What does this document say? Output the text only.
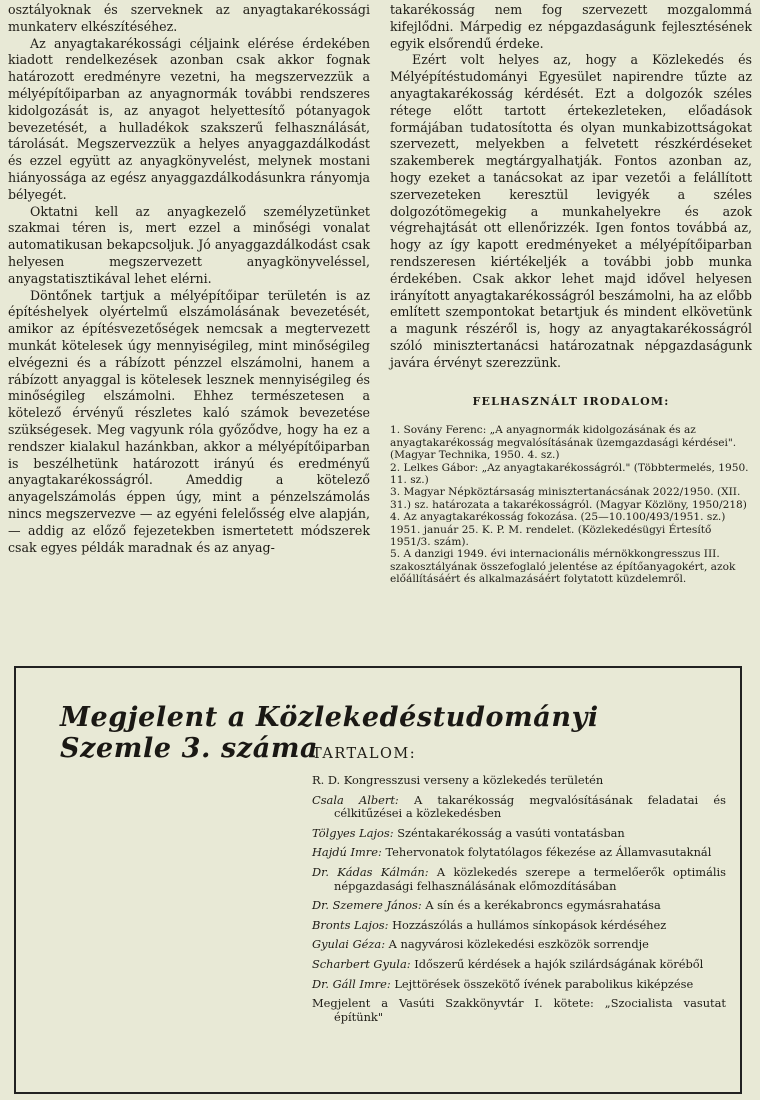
osztályoknak és szerveknek az anyagtakarékossági munkaterv elkészítéséhez.

Az anyagtakarékossági céljaink elérése érdekében kiadott rendelkezések azonban csak akkor fognak határozott eredményre vezetni, ha megszervezzük a mélyépítőiparban az anyagnormák további rendszeres kidolgozását is, az anyagot helyettesítő pótanyagok bevezetését, a hulladékok szakszerű felhasználását, tárolását. Megszervezzük a helyes anyaggazdálkodást és ezzel együtt az anyagkönyvelést, melynek mostani hiányossága az egész anyaggazdálkodásunkra rányomja bélyegét.

Oktatni kell az anyagkezelő személyzetünket szakmai téren is, mert ezzel a minőségi vonalat automatikusan bekapcsoljuk. Jó anyaggazdálkodást csak helyesen megszervezett anyagkönyveléssel, anyagstatisztikával lehet elérni.

Döntőnek tartjuk a mélyépítőipar területén is az építéshelyek olyértelmű elszámolásának bevezetését, amikor az építésvezetőségek nemcsak a megtervezett munkát kötelesek úgy mennyiségileg, mint minőségileg elvégezni és a rábízott pénzzel elszámolni, hanem a rábízott anyaggal is kötelesek lesznek mennyiségileg és minőségileg elszámolni. Ehhez természetesen a kötelező érvényű részletes kaló számok bevezetése szükségesek. Meg vagyunk róla győződve, hogy ha ez a rendszer kialakul hazánkban, akkor a mélyépítőiparban is beszélhetünk határozott irányú és eredményű anyagtakarékosságról. Ameddig a kötelező anyagelszámolás éppen úgy, mint a pénzelszámolás nincs megszervezve — az egyéni felelősség elve alapján, — addig az előző fejezetekben ismertetett módszerek csak egyes példák maradnak és az anyag-

takarékosság nem fog szervezett mozgalommá kifejlődni. Márpedig ez népgazdaságunk fejlesztésének egyik elsőrendű érdeke.

Ezért volt helyes az, hogy a Közlekedés és Mélyépítéstudományi Egyesület napirendre tűzte az anyagtakarékosság kérdését. Ezt a dolgozók széles rétege előtt tartott értekezleteken, előadások formájában tudatosította és olyan munkabizottságokat szervezett, melyekben a felvetett részkérdéseket szakemberek megtárgyalhatják. Fontos azonban az, hogy ezeket a tanácsokat az ipar vezetői a felállított szervezeteken keresztül levigyék a széles dolgozótömegekig a munkahelyekre és azok végrehajtását ott ellenőrizzék. Igen fontos továbbá az, hogy az így kapott eredményeket a mélyépítőiparban rendszeresen kiértékeljék a további jobb munka érdekében. Csak akkor lehet majd idővel helyesen irányított anyagtakarékosságról beszámolni, ha az előbb említett szempontokat betartjuk és mindent elkövetünk a magunk részéről is, hogy az anyagtakarékosságról szóló minisztertanácsi határozatnak népgazdaságunk javára érvényt szerezzünk.

FELHASZNÁLT IRODALOM:

1. Sovány Ferenc: „A anyagnormák kidolgozásának és az anyagtakarékosság megvalósításának üzemgazdasági kérdései". (Magyar Technika, 1950. 4. sz.)

2. Lelkes Gábor: „Az anyagtakarékosságról." (Többtermelés, 1950. 11. sz.)

3. Magyar Népköztársaság minisztertanácsának 2022/1950. (XII. 31.) sz. határozata a takarékosságról. (Magyar Közlöny, 1950/218)

4. Az anyagtakarékosság fokozása. (25—10.100/493/1951. sz.) 1951. január 25. K. P. M. rendelet. (Közlekedésügyi Értesítő 1951/3. szám).

5. A danzigi 1949. évi internacionális mérnökkongresszus III. szakosztályának összefoglaló jelentése az építőanyagokért, azok előállításáért és alkalmazásáért folytatott küzdelemről.

Megjelent a Közlekedéstudományi Szemle 3. száma
TARTALOM:
R. D. Kongresszusi verseny a közlekedés területén
Csala Albert: A takarékosság megvalósításának feladatai és célkitűzései a közlekedésben
Tölgyes Lajos: Széntakarékosság a vasúti vontatásban
Hajdú Imre: Tehervonatok folytatólagos fékezése az Államvasutaknál
Dr. Kádas Kálmán: A közlekedés szerepe a termelőerők optimális népgazdasági felhasználásának előmozdításában
Dr. Szemere János: A sín és a kerékabroncs egymásrahatása
Bronts Lajos: Hozzászólás a hullámos sínkopások kérdéséhez
Gyulai Géza: A nagyvárosi közlekedési eszközök sorrendje
Scharbert Gyula: Időszerű kérdések a hajók szilárdságának köréből
Dr. Gáll Imre: Lejttörések összekötő ívének parabolikus kiképzése
Megjelent a Vasúti Szakkönyvtár I. kötete: „Szocialista vasutat építünk"
